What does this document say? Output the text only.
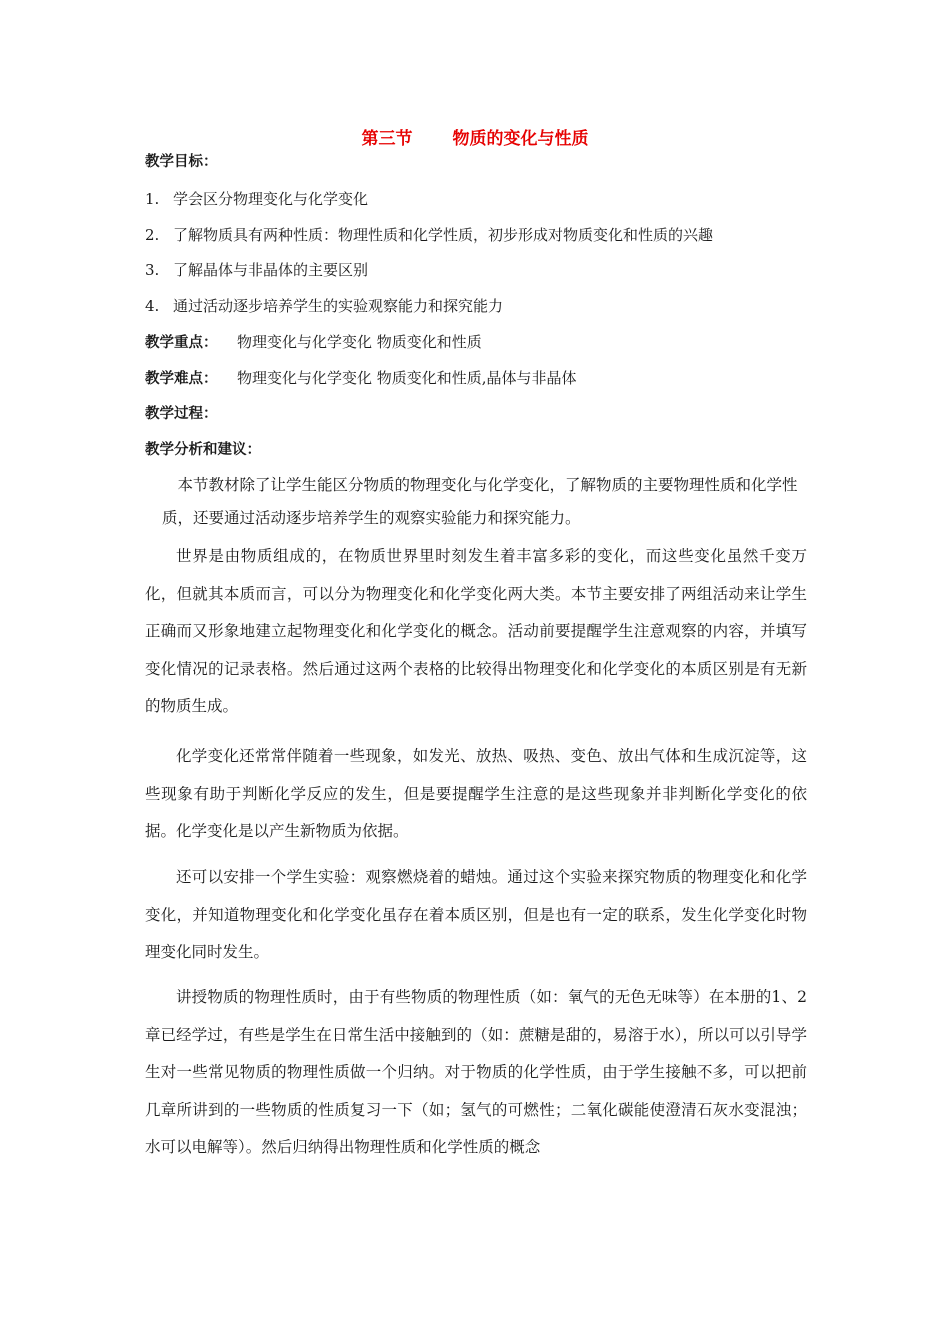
第三节 物质的变化与性质
教学目标：
1. 学会区分物理变化与化学变化
2. 了解物质具有两种性质：物理性质和化学性质，初步形成对物质变化和性质的兴趣
3. 了解晶体与非晶体的主要区别
4. 通过活动逐步培养学生的实验观察能力和探究能力
教学重点： 物理变化与化学变化 物质变化和性质
教学难点： 物理变化与化学变化 物质变化和性质,晶体与非晶体
教学过程：
教学分析和建议：
本节教材除了让学生能区分物质的物理变化与化学变化，了解物质的主要物理性质和化学性质，还要通过活动逐步培养学生的观察实验能力和探究能力。
世界是由物质组成的，在物质世界里时刻发生着丰富多彩的变化，而这些变化虽然千变万化，但就其本质而言，可以分为物理变化和化学变化两大类。本节主要安排了两组活动来让学生正确而又形象地建立起物理变化和化学变化的概念。活动前要提醒学生注意观察的内容，并填写变化情况的记录表格。然后通过这两个表格的比较得出物理变化和化学变化的本质区别是有无新的物质生成。
化学变化还常常伴随着一些现象，如发光、放热、吸热、变色、放出气体和生成沉淀等，这些现象有助于判断化学反应的发生，但是要提醒学生注意的是这些现象并非判断化学变化的依据。化学变化是以产生新物质为依据。
还可以安排一个学生实验：观察燃烧着的蜡烛。通过这个实验来探究物质的物理变化和化学变化，并知道物理变化和化学变化虽存在着本质区别，但是也有一定的联系，发生化学变化时物理变化同时发生。
讲授物质的物理性质时，由于有些物质的物理性质（如：氧气的无色无味等）在本册的1、2章已经学过，有些是学生在日常生活中接触到的（如：蔗糖是甜的，易溶于水），所以可以引导学生对一些常见物质的物理性质做一个归纳。对于物质的化学性质，由于学生接触不多，可以把前几章所讲到的一些物质的性质复习一下（如；氢气的可燃性；二氧化碳能使澄清石灰水变混浊；水可以电解等）。然后归纳得出物理性质和化学性质的概念
